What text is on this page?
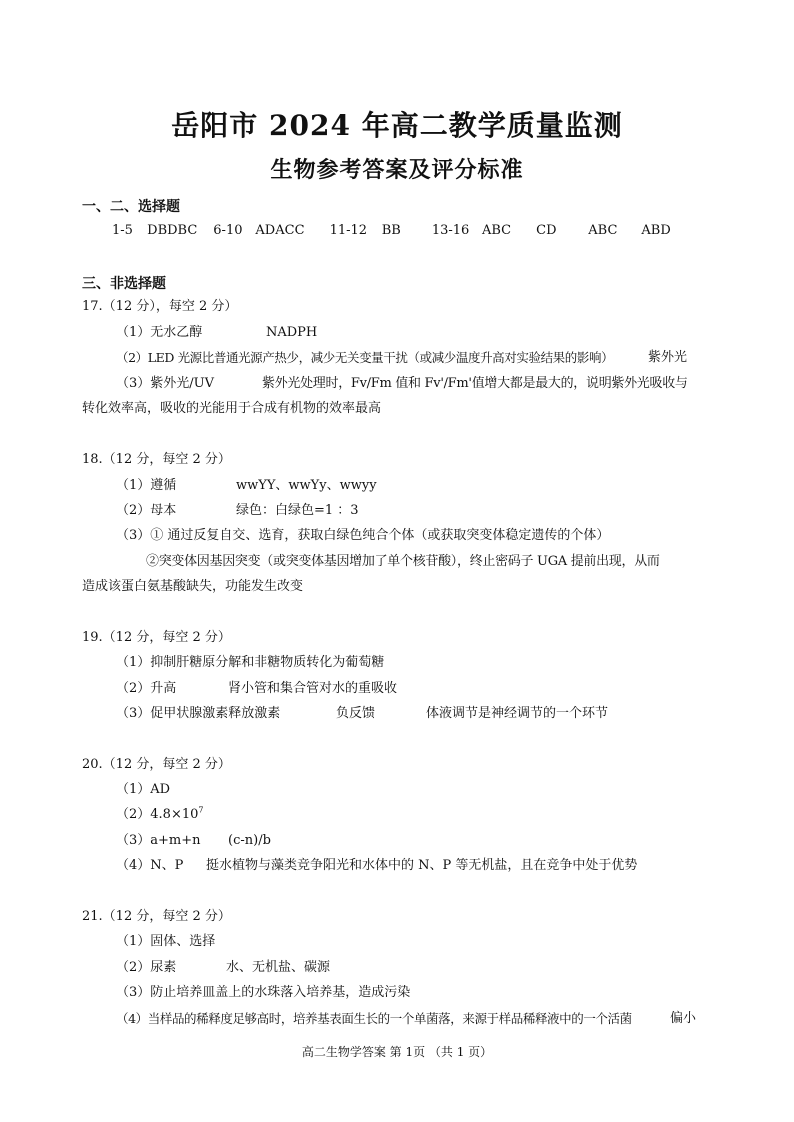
岳阳市 2024 年高二教学质量监测
生物参考答案及评分标准
一、二、选择题
1-5 DBDBC 6-10 ADACC 11-12 BB 13-16 ABC CD ABC ABD
三、非选择题
17.（12 分），每空 2 分）
（1）无水乙醇	NADPH
（2）LED 光源比普通光源产热少，减少无关变量干扰（或减少温度升高对实验结果的影响）	紫外光
（3）紫外光/UV	紫外光处理时，Fv/Fm 值和 Fv'/Fm'值增大都是最大的，说明紫外光吸收与
转化效率高，吸收的光能用于合成有机物的效率最高
18.（12 分，每空 2 分）
（1）遵循	wwYY、wwYy、wwyy
（2）母本	绿色：白绿色=1 ：3
（3）① 通过反复自交、选育，获取白绿色纯合个体（或获取突变体稳定遗传的个体）
②突变体因基因突变（或突变体基因增加了单个核苷酸），终止密码子 UGA 提前出现，从而
造成该蛋白氨基酸缺失，功能发生改变
19.（12 分，每空 2 分）
（1）抑制肝糖原分解和非糖物质转化为葡萄糖
（2）升高	肾小管和集合管对水的重吸收
（3）促甲状腺激素释放激素	负反馈	体液调节是神经调节的一个环节
20.（12 分，每空 2 分）
（1）AD
$(2)4.8\times 10^7$
（3）a+m+n (c-n)/b
（4）N、P 挺水植物与藻类竞争阳光和水体中的 N、P 等无机盐，且在竞争中处于优势
21.（12 分，每空 2 分）
（1）固体、选择
（2）尿素	水、无机盐、碳源
（3）防止培养皿盖上的水珠落入培养基，造成污染
（4）当样品的稀释度足够高时，培养基表面生长的一个单菌落，来源于样品稀释液中的一个活菌	偏小
高二生物学答案 第 1页 （共 1 页）
